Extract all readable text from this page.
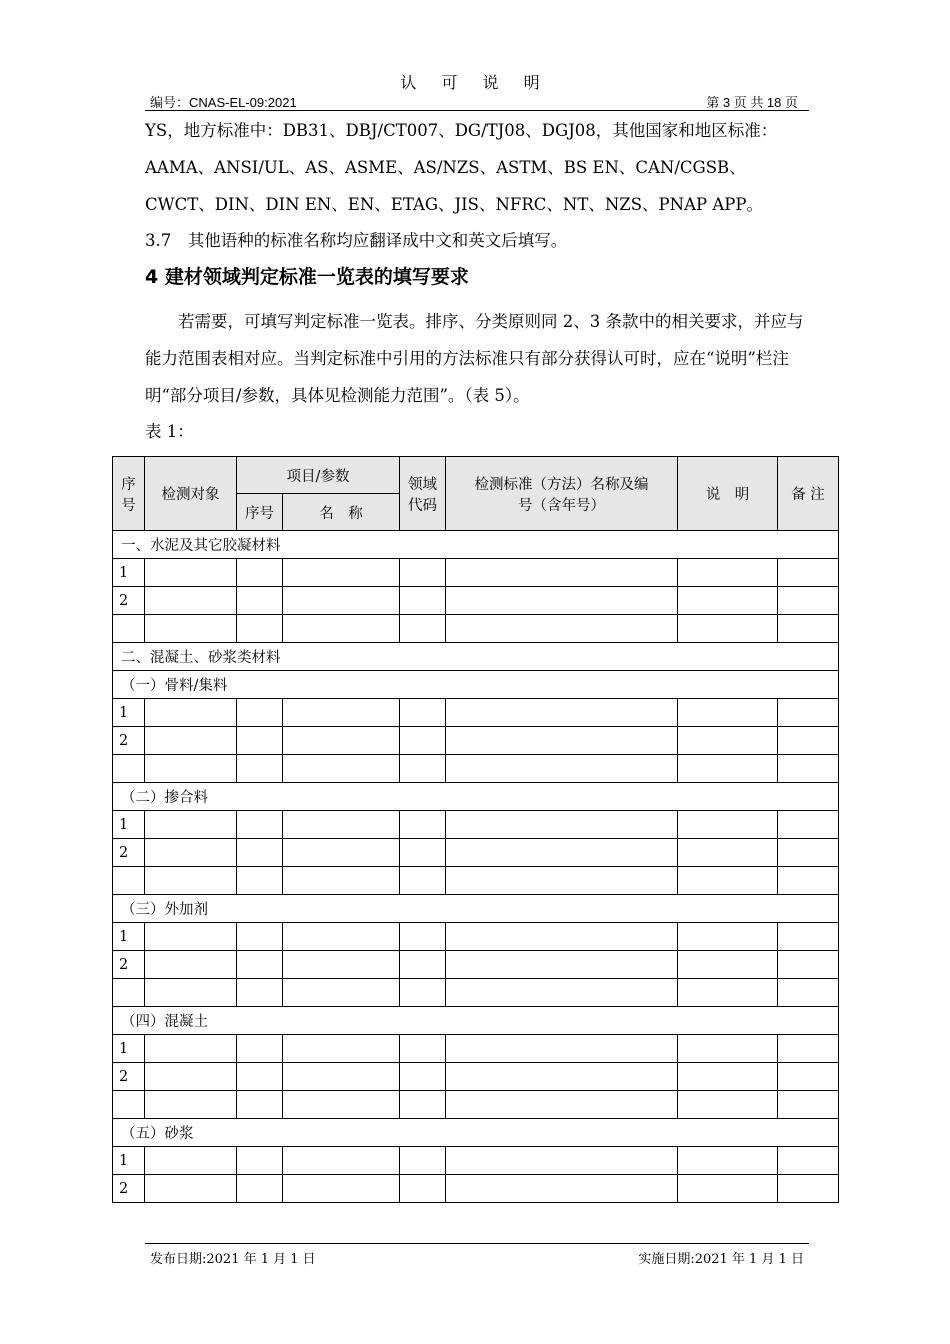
认 可 说 明
编号：CNAS-EL-09:2021	第 3 页 共 18 页
YS，地方标准中：DB31、DBJ/CT007、DG/TJ08、DGJ08，其他国家和地区标准：AAMA、ANSI/UL、AS、ASME、AS/NZS、ASTM、BS EN、CAN/CGSB、CWCT、DIN、DIN EN、EN、ETAG、JIS、NFRC、NT、NZS、PNAP APP。
3.7　其他语种的标准名称均应翻译成中文和英文后填写。
4 建材领域判定标准一览表的填写要求
若需要，可填写判定标准一览表。排序、分类原则同 2、3 条款中的相关要求，并应与能力范围表相对应。当判定标准中引用的方法标准只有部分获得认可时，应在“说明”栏注明“部分项目/参数，具体见检测能力范围”。（表 5）。
表 1：
序号	检测对象	项目/参数		领域代码	检测标准（方法）名称及编号（含年号）	说　明	备 注
		序号	名　称				
一、水泥及其它胶凝材料							
1							
2							

二、混凝土、砂浆类材料							
（一）骨料/集料							
1							
2							

（二）掺合料							
1							
2							

（三）外加剂							
1							
2							

（四）混凝土							
1							
2							

（五）砂浆							
1							
2							
发布日期:2021 年 1 月 1 日	实施日期:2021 年 1 月 1 日
